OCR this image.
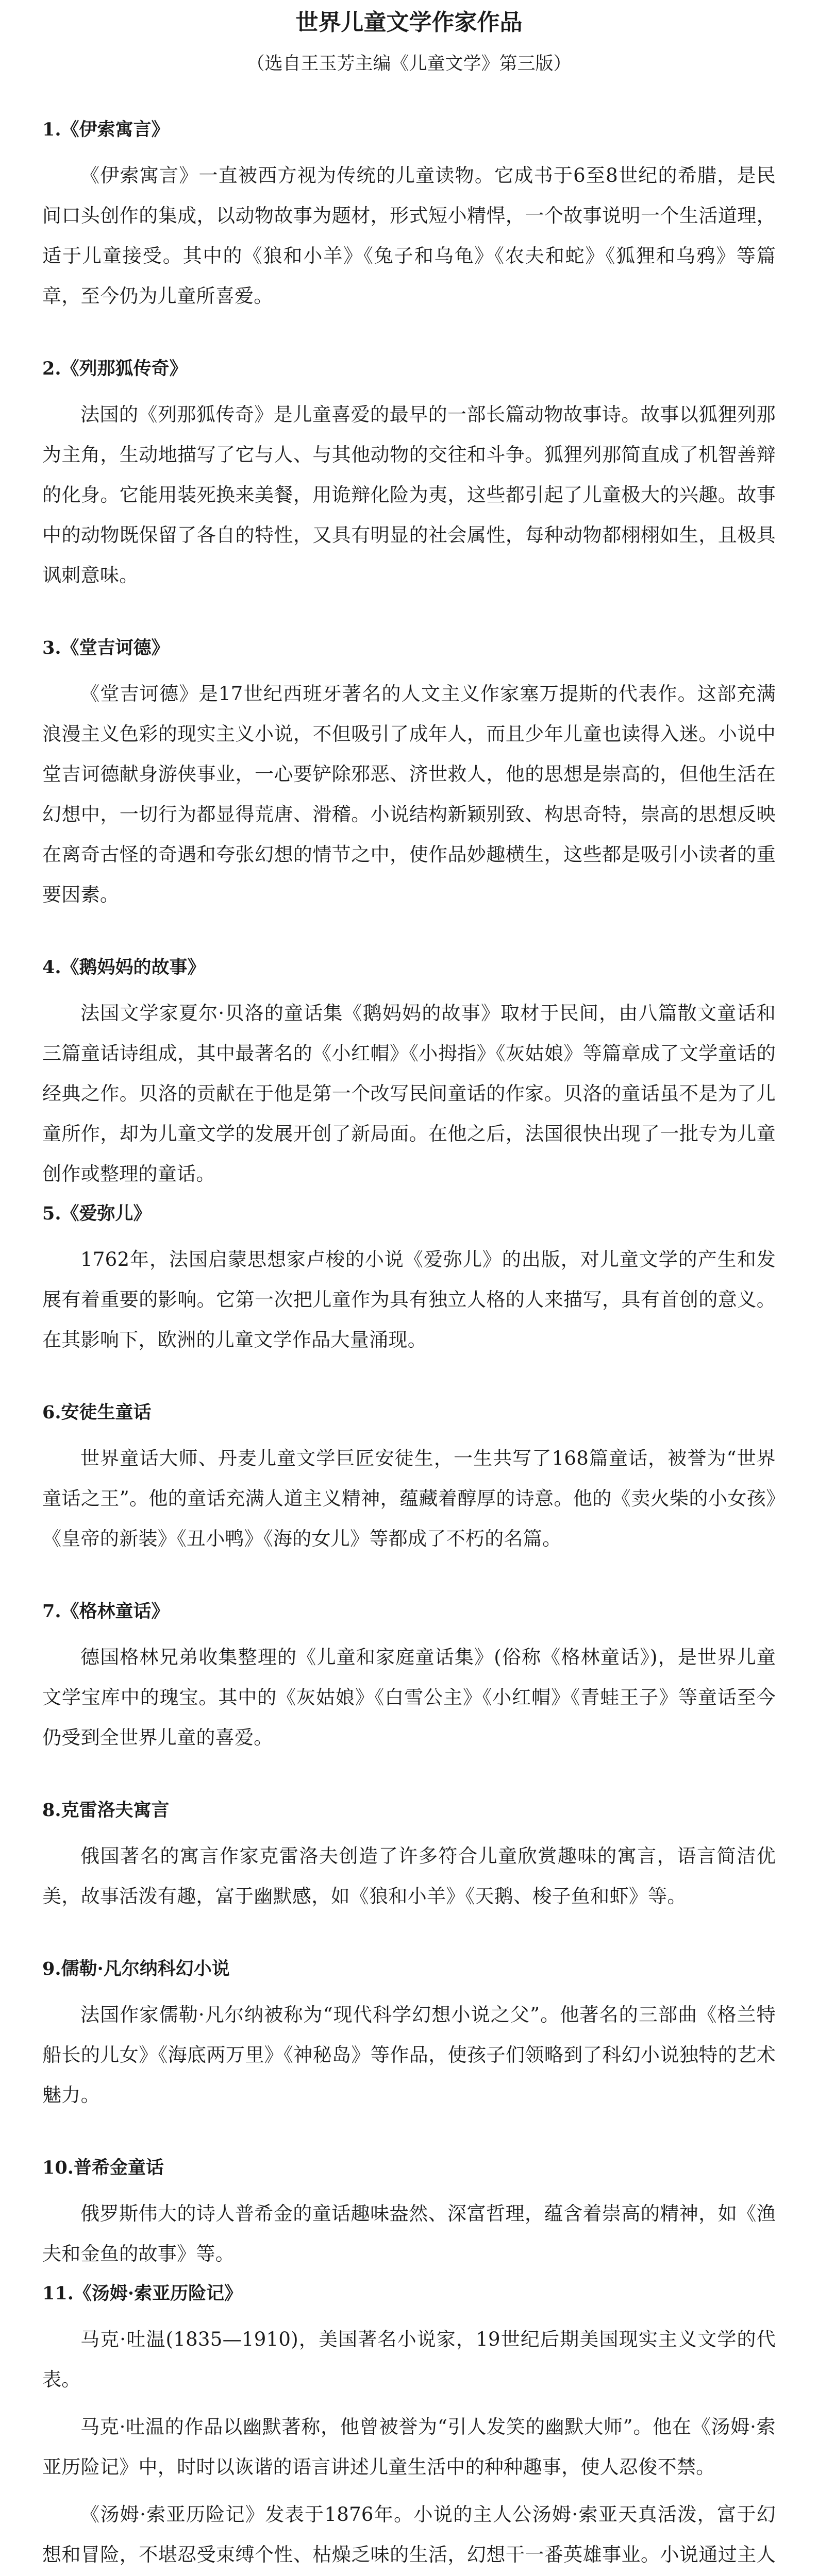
世界儿童文学作家作品

（选自王玉芳主编《儿童文学》第三版）

1.《伊索寓言》

《伊索寓言》一直被西方视为传统的儿童读物。它成书于6至8世纪的希腊，是民间口头创作的集成，以动物故事为题材，形式短小精悍，一个故事说明一个生活道理，适于儿童接受。其中的《狼和小羊》《兔子和乌龟》《农夫和蛇》《狐狸和乌鸦》等篇章，至今仍为儿童所喜爱。

2.《列那狐传奇》

法国的《列那狐传奇》是儿童喜爱的最早的一部长篇动物故事诗。故事以狐狸列那为主角，生动地描写了它与人、与其他动物的交往和斗争。狐狸列那简直成了机智善辩的化身。它能用装死换来美餐，用诡辩化险为夷，这些都引起了儿童极大的兴趣。故事中的动物既保留了各自的特性，又具有明显的社会属性，每种动物都栩栩如生，且极具讽刺意味。

3.《堂吉诃德》

《堂吉诃德》是17世纪西班牙著名的人文主义作家塞万提斯的代表作。这部充满浪漫主义色彩的现实主义小说，不但吸引了成年人，而且少年儿童也读得入迷。小说中堂吉诃德献身游侠事业，一心要铲除邪恶、济世救人，他的思想是崇高的，但他生活在幻想中，一切行为都显得荒唐、滑稽。小说结构新颖别致、构思奇特，崇高的思想反映在离奇古怪的奇遇和夸张幻想的情节之中，使作品妙趣横生，这些都是吸引小读者的重要因素。

4.《鹅妈妈的故事》

法国文学家夏尔·贝洛的童话集《鹅妈妈的故事》取材于民间，由八篇散文童话和三篇童话诗组成，其中最著名的《小红帽》《小拇指》《灰姑娘》等篇章成了文学童话的经典之作。贝洛的贡献在于他是第一个改写民间童话的作家。贝洛的童话虽不是为了儿童所作，却为儿童文学的发展开创了新局面。在他之后，法国很快出现了一批专为儿童创作或整理的童话。

5.《爱弥儿》

1762年，法国启蒙思想家卢梭的小说《爱弥儿》的出版，对儿童文学的产生和发展有着重要的影响。它第一次把儿童作为具有独立人格的人来描写，具有首创的意义。在其影响下，欧洲的儿童文学作品大量涌现。

6.安徒生童话

世界童话大师、丹麦儿童文学巨匠安徒生，一生共写了168篇童话，被誉为“世界童话之王”。他的童话充满人道主义精神，蕴藏着醇厚的诗意。他的《卖火柴的小女孩》《皇帝的新装》《丑小鸭》《海的女儿》等都成了不朽的名篇。

7.《格林童话》

德国格林兄弟收集整理的《儿童和家庭童话集》(俗称《格林童话》)，是世界儿童文学宝库中的瑰宝。其中的《灰姑娘》《白雪公主》《小红帽》《青蛙王子》等童话至今仍受到全世界儿童的喜爱。

8.克雷洛夫寓言

俄国著名的寓言作家克雷洛夫创造了许多符合儿童欣赏趣味的寓言，语言简洁优美，故事活泼有趣，富于幽默感，如《狼和小羊》《天鹅、梭子鱼和虾》等。

9.儒勒·凡尔纳科幻小说

法国作家儒勒·凡尔纳被称为“现代科学幻想小说之父”。他著名的三部曲《格兰特船长的儿女》《海底两万里》《神秘岛》等作品，使孩子们领略到了科幻小说独特的艺术魅力。

10.普希金童话

俄罗斯伟大的诗人普希金的童话趣味盎然、深富哲理，蕴含着崇高的精神，如《渔夫和金鱼的故事》等。

11.《汤姆·索亚历险记》

马克·吐温(1835—1910)，美国著名小说家，19世纪后期美国现实主义文学的代表。

马克·吐温的作品以幽默著称，他曾被誉为“引人发笑的幽默大师”。他在《汤姆·索亚历险记》中，时时以诙谐的语言讲述儿童生活中的种种趣事，使人忍俊不禁。

《汤姆·索亚历险记》发表于1876年。小说的主人公汤姆·索亚天真活泼，富于幻想和冒险，不堪忍受束缚个性、枯燥乏味的生活，幻想干一番英雄事业。小说通过主人
